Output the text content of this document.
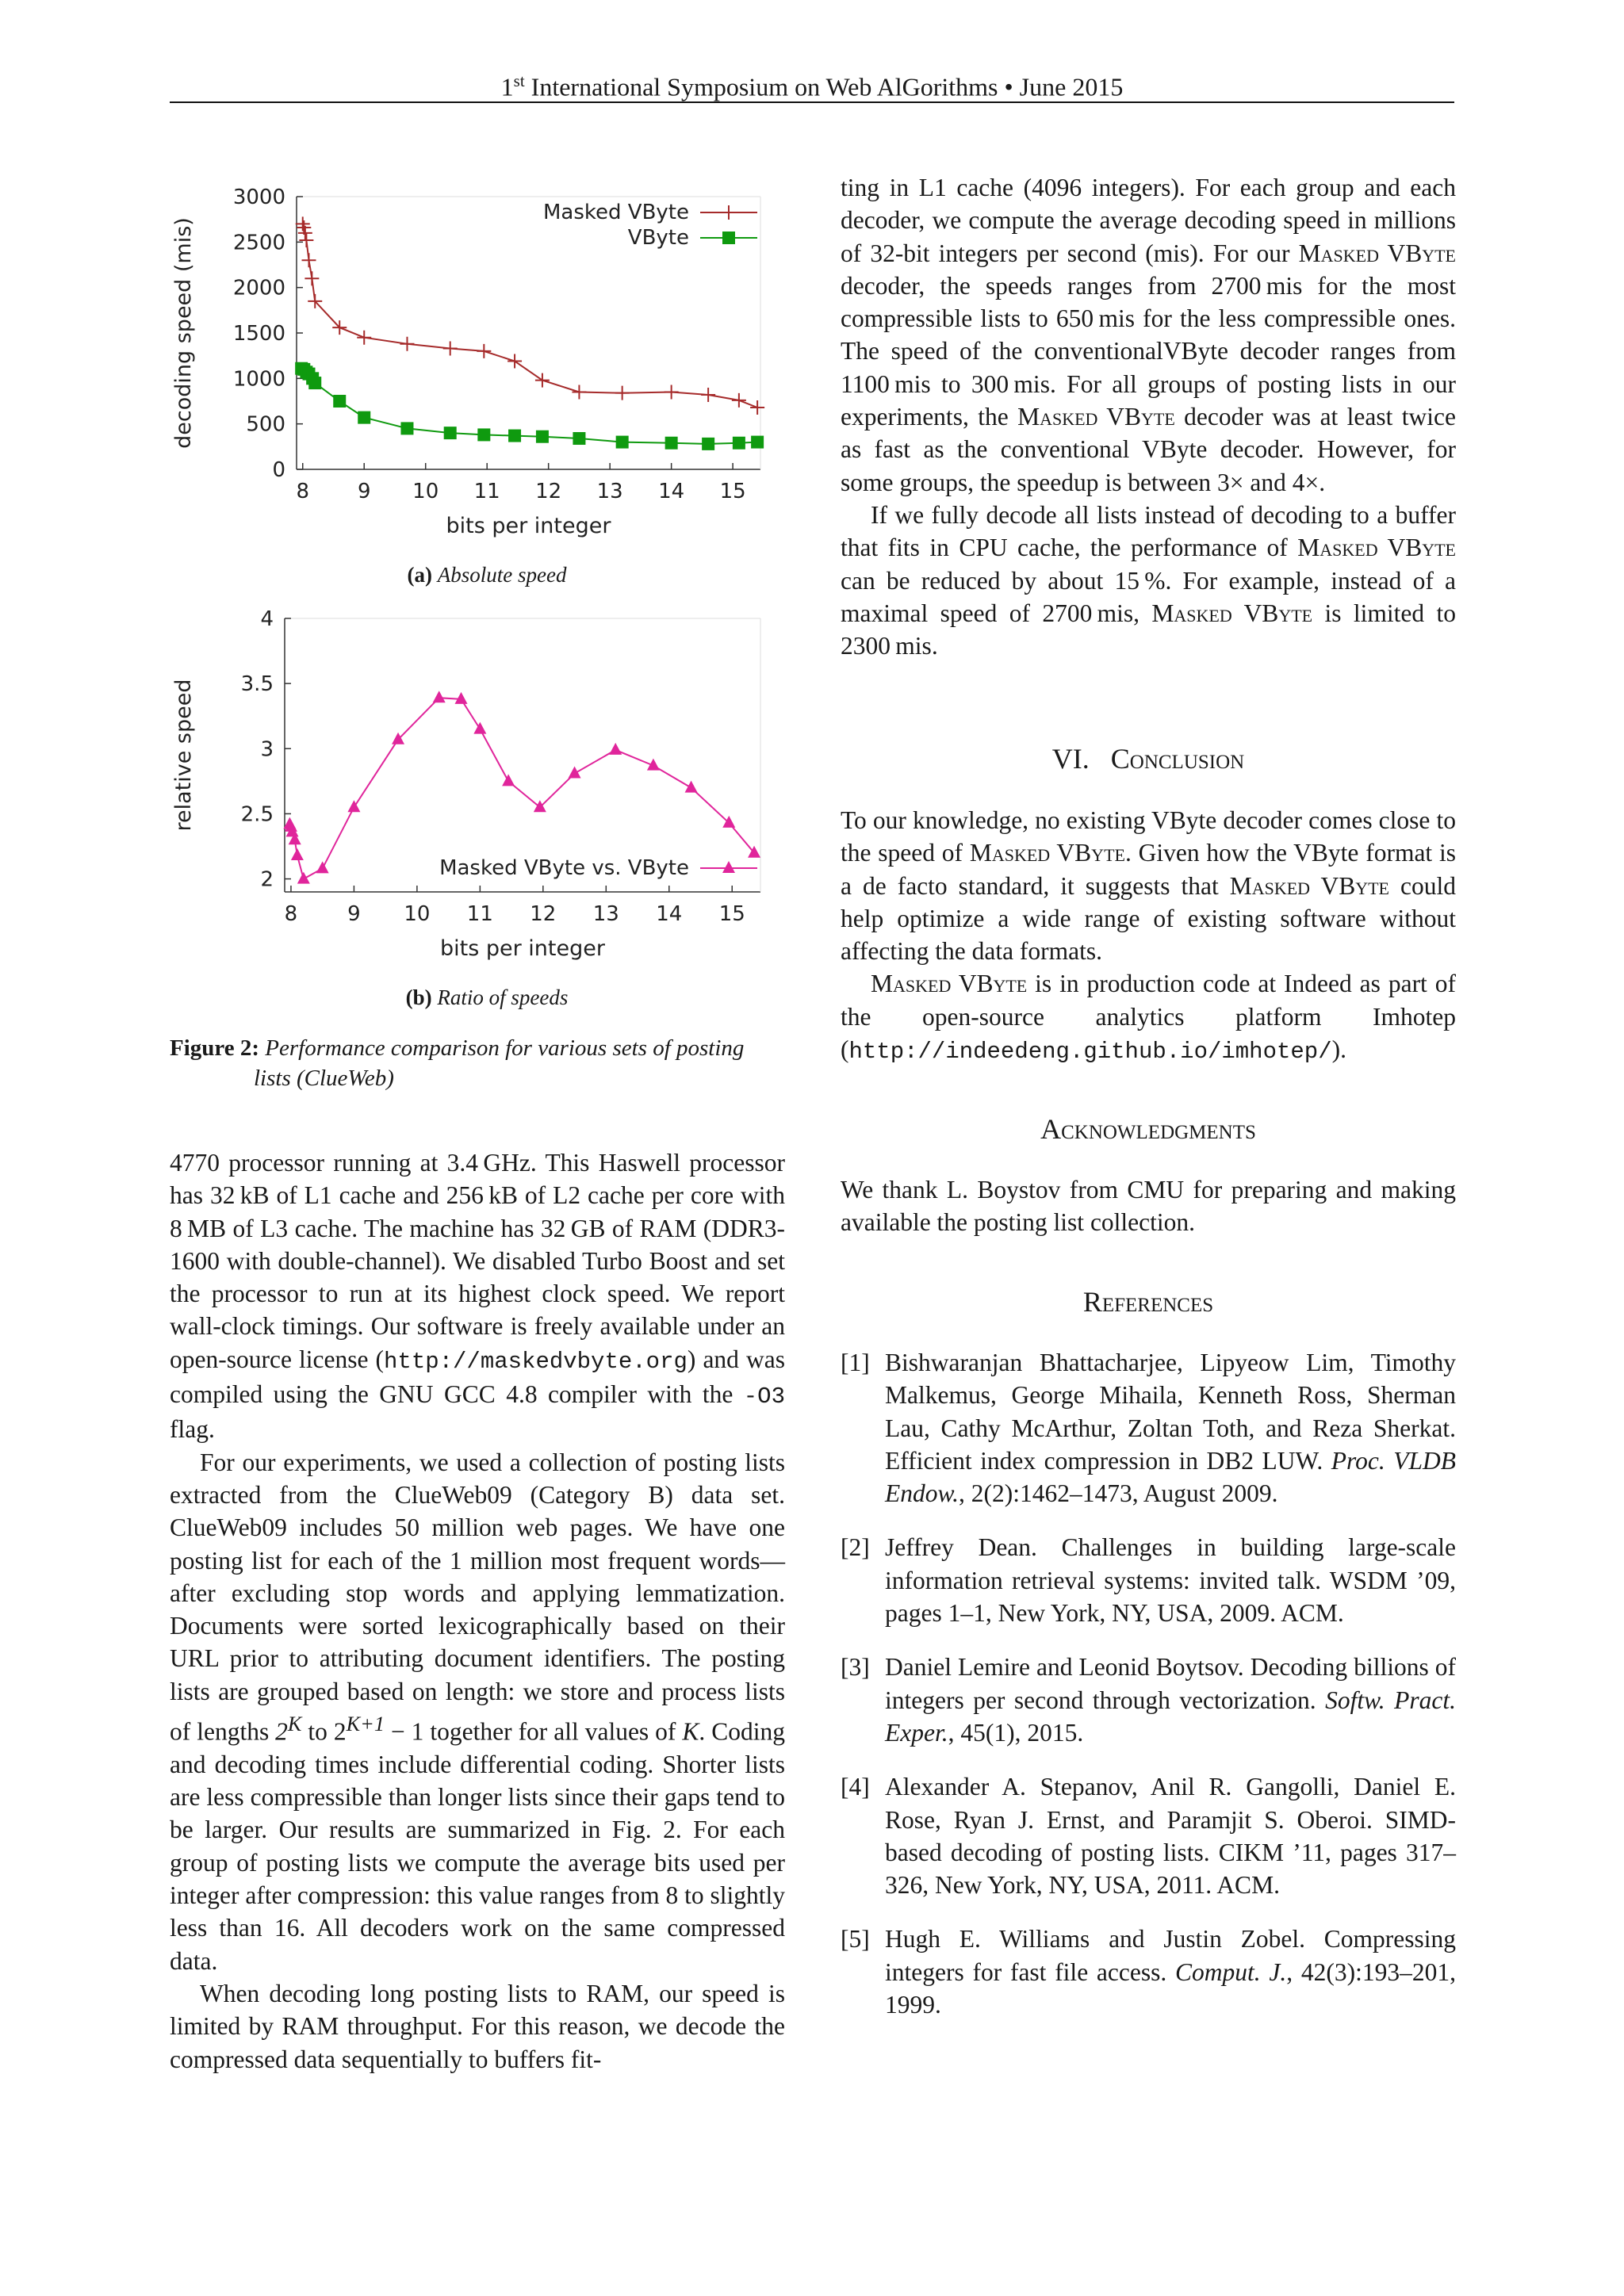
1st International Symposium on Web AlGorithms • June 2015
0
500
1000
1500
2000
2500
3000
8 9 10 11 12 13 14 15
bits per integer
decoding speed (mis)
Masked VByte
VByte
(a) Absolute speed
2
2.5
3
3.5
4
8 9 10 11 12 13 14 15
bits per integer
relative speed
Masked VByte vs. VByte
(b) Ratio of speeds
Figure 2: Performance comparison for various sets of posting
lists (ClueWeb)

4770 processor running at 3.4 GHz. This Haswell processor has 32 kB of L1 cache and 256 kB of L2 cache per core with 8 MB of L3 cache. The machine has 32 GB of RAM (DDR3-1600 with double-channel). We disabled Turbo Boost and set the processor to run at its highest clock speed. We report wall-clock timings. Our software is freely available under an open-source license (http://maskedvbyte.org) and was compiled using the GNU GCC 4.8 compiler with the -O3 flag.

For our experiments, we used a collection of posting lists extracted from the ClueWeb09 (Category B) data set. ClueWeb09 includes 50 million web pages. We have one posting list for each of the 1 million most frequent words—after excluding stop words and applying lemmatization. Documents were sorted lexicographically based on their URL prior to attributing document identifiers. The posting lists are grouped based on length: we store and process lists of lengths $2^K$ to $2^{K+1} - 1$ together for all values of K. Coding and decoding times include differential coding. Shorter lists are less compressible than longer lists since their gaps tend to be larger. Our results are summarized in Fig. 2. For each group of posting lists we compute the average bits used per integer after compression: this value ranges from 8 to slightly less than 16. All decoders work on the same compressed data.

When decoding long posting lists to RAM, our speed is limited by RAM throughput. For this reason, we decode the compressed data sequentially to buffers fit-

ting in L1 cache (4096 integers). For each group and each decoder, we compute the average decoding speed in millions of 32-bit integers per second (mis). For our Masked VByte decoder, the speeds ranges from 2700 mis for the most compressible lists to 650 mis for the less compressible ones. The speed of the conventionalVByte decoder ranges from 1100 mis to 300 mis. For all groups of posting lists in our experiments, the Masked VByte decoder was at least twice as fast as the conventional VByte decoder. However, for some groups, the speedup is between 3× and 4×.

If we fully decode all lists instead of decoding to a buffer that fits in CPU cache, the performance of Masked VByte can be reduced by about 15 %. For example, instead of a maximal speed of 2700 mis, Masked VByte is limited to 2300 mis.

VI.   Conclusion

To our knowledge, no existing VByte decoder comes close to the speed of Masked VByte. Given how the VByte format is a de facto standard, it suggests that Masked VByte could help optimize a wide range of existing software without affecting the data formats.

Masked VByte is in production code at Indeed as part of the open-source analytics platform Imhotep (http://indeedeng.github.io/imhotep/).

Acknowledgments

We thank L. Boystov from CMU for preparing and making available the posting list collection.

References
[1] Bishwaranjan Bhattacharjee, Lipyeow Lim, Timothy Malkemus, George Mihaila, Kenneth Ross, Sherman Lau, Cathy McArthur, Zoltan Toth, and Reza Sherkat. Efficient index compression in DB2 LUW. Proc. VLDB Endow., 2(2):1462–1473, August 2009.
[2] Jeffrey Dean. Challenges in building large-scale information retrieval systems: invited talk. WSDM ’09, pages 1–1, New York, NY, USA, 2009. ACM.
[3] Daniel Lemire and Leonid Boytsov. Decoding billions of integers per second through vectorization. Softw. Pract. Exper., 45(1), 2015.
[4] Alexander A. Stepanov, Anil R. Gangolli, Daniel E. Rose, Ryan J. Ernst, and Paramjit S. Oberoi. SIMD-based decoding of posting lists. CIKM ’11, pages 317–326, New York, NY, USA, 2011. ACM.
[5] Hugh E. Williams and Justin Zobel. Compressing integers for fast file access. Comput. J., 42(3):193–201, 1999.
